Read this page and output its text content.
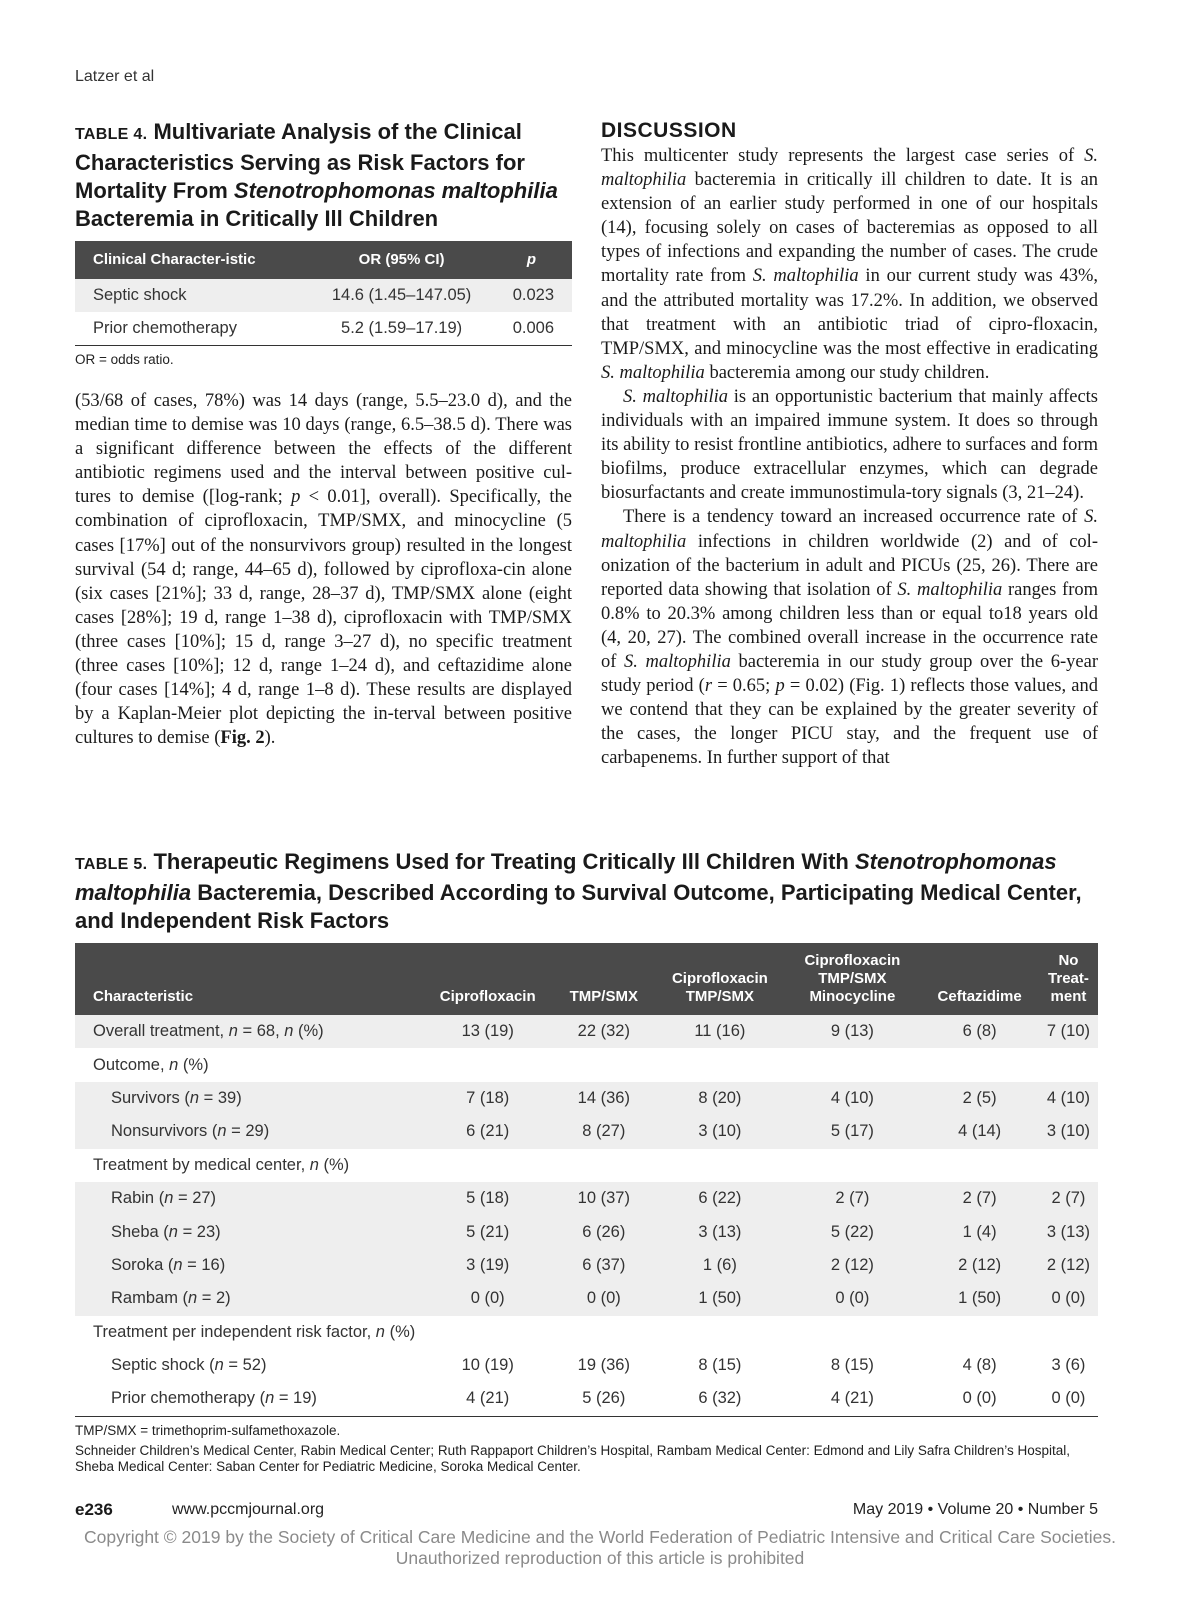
Latzer et al
TABLE 4. Multivariate Analysis of the Clinical Characteristics Serving as Risk Factors for Mortality From Stenotrophomonas maltophilia Bacteremia in Critically Ill Children
Clinical Character-istic	OR (95% CI)	p
Septic shock	14.6 (1.45–147.05)	0.023
Prior chemotherapy	5.2 (1.59–17.19)	0.006
OR = odds ratio.

(53/68 of cases, 78%) was 14 days (range, 5.5–23.0 d), and the median time to demise was 10 days (range, 6.5–38.5 d). There was a significant difference between the effects of the different antibiotic regimens used and the interval between positive cul-tures to demise ([log-rank; p < 0.01], overall). Specifically, the combination of ciprofloxacin, TMP/SMX, and minocycline (5 cases [17%] out of the nonsurvivors group) resulted in the longest survival (54 d; range, 44–65 d), followed by ciprofloxa-cin alone (six cases [21%]; 33 d, range, 28–37 d), TMP/SMX alone (eight cases [28%]; 19 d, range 1–38 d), ciprofloxacin with TMP/SMX (three cases [10%]; 15 d, range 3–27 d), no specific treatment (three cases [10%]; 12 d, range 1–24 d), and ceftazidime alone (four cases [14%]; 4 d, range 1–8 d). These results are displayed by a Kaplan-Meier plot depicting the in-terval between positive cultures to demise (Fig. 2).

DISCUSSION

This multicenter study represents the largest case series of S. maltophilia bacteremia in critically ill children to date. It is an extension of an earlier study performed in one of our hospitals (14), focusing solely on cases of bacteremias as opposed to all types of infections and expanding the number of cases. The crude mortality rate from S. maltophilia in our current study was 43%, and the attributed mortality was 17.2%. In addition, we observed that treatment with an antibiotic triad of cipro-floxacin, TMP/SMX, and minocycline was the most effective in eradicating S. maltophilia bacteremia among our study children.

S. maltophilia is an opportunistic bacterium that mainly affects individuals with an impaired immune system. It does so through its ability to resist frontline antibiotics, adhere to surfaces and form biofilms, produce extracellular enzymes, which can degrade biosurfactants and create immunostimula-tory signals (3, 21–24).

There is a tendency toward an increased occurrence rate of S. maltophilia infections in children worldwide (2) and of col-onization of the bacterium in adult and PICUs (25, 26). There are reported data showing that isolation of S. maltophilia ranges from 0.8% to 20.3% among children less than or equal to18 years old (4, 20, 27). The combined overall increase in the occurrence rate of S. maltophilia bacteremia in our study group over the 6-year study period (r = 0.65; p = 0.02) (Fig. 1) reflects those values, and we contend that they can be explained by the greater severity of the cases, the longer PICU stay, and the frequent use of carbapenems. In further support of that

TABLE 5. Therapeutic Regimens Used for Treating Critically Ill Children With Stenotrophomonas maltophilia Bacteremia, Described According to Survival Outcome, Participating Medical Center, and Independent Risk Factors
Characteristic	Ciprofloxacin	TMP/SMX	Ciprofloxacin TMP/SMX	Ciprofloxacin TMP/SMX Minocycline	Ceftazidime	No Treat-ment
Overall treatment, n = 68, n (%)	13 (19)	22 (32)	11 (16)	9 (13)	6 (8)	7 (10)
Outcome, n (%)						
Survivors (n = 39)	7 (18)	14 (36)	8 (20)	4 (10)	2 (5)	4 (10)
Nonsurvivors (n = 29)	6 (21)	8 (27)	3 (10)	5 (17)	4 (14)	3 (10)
Treatment by medical center, n (%)						
Rabin (n = 27)	5 (18)	10 (37)	6 (22)	2 (7)	2 (7)	2 (7)
Sheba (n = 23)	5 (21)	6 (26)	3 (13)	5 (22)	1 (4)	3 (13)
Soroka (n = 16)	3 (19)	6 (37)	1 (6)	2 (12)	2 (12)	2 (12)
Rambam (n = 2)	0 (0)	0 (0)	1 (50)	0 (0)	1 (50)	0 (0)
Treatment per independent risk factor, n (%)						
Septic shock (n = 52)	10 (19)	19 (36)	8 (15)	8 (15)	4 (8)	3 (6)
Prior chemotherapy (n = 19)	4 (21)	5 (26)	6 (32)	4 (21)	0 (0)	0 (0)
TMP/SMX = trimethoprim-sulfamethoxazole.
Schneider Children’s Medical Center, Rabin Medical Center; Ruth Rappaport Children’s Hospital, Rambam Medical Center: Edmond and Lily Safra Children’s Hospital, Sheba Medical Center: Saban Center for Pediatric Medicine, Soroka Medical Center.
e236	www.pccmjournal.org	May 2019 • Volume 20 • Number 5
Copyright © 2019 by the Society of Critical Care Medicine and the World Federation of Pediatric Intensive and Critical Care Societies.
Unauthorized reproduction of this article is prohibited
